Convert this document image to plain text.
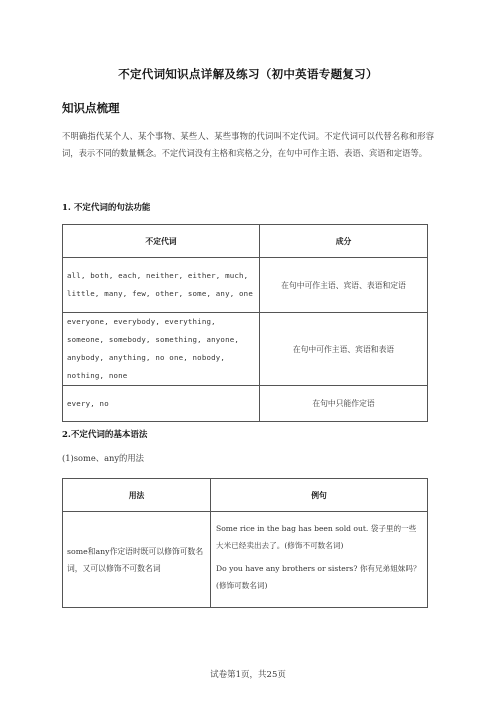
不定代词知识点详解及练习（初中英语专题复习）
知识点梳理
不明确指代某个人、某个事物、某些人、某些事物的代词叫不定代词。不定代词可以代替名称和形容词，表示不同的数量概念。不定代词没有主格和宾格之分，在句中可作主语、表语、宾语和定语等。
1. 不定代词的句法功能
不定代词	成分
all, both, each, neither, either, much, little, many, few, other, some, any, one	在句中可作主语、宾语、表语和定语
everyone, everybody, everything, someone, somebody, something, anyone, anybody, anything, no one, nobody, nothing, none	在句中可作主语、宾语和表语
every, no	在句中只能作定语
2.不定代词的基本语法
(1)some、any的用法
用法	例句
some和any作定语时既可以修饰可数名词，又可以修饰不可数名词	Some rice in the bag has been sold out. 袋子里的一些大米已经卖出去了。(修饰不可数名词)

Do you have any brothers or sisters? 你有兄弟姐妹吗？(修饰可数名词)

试卷第1页，共25页
